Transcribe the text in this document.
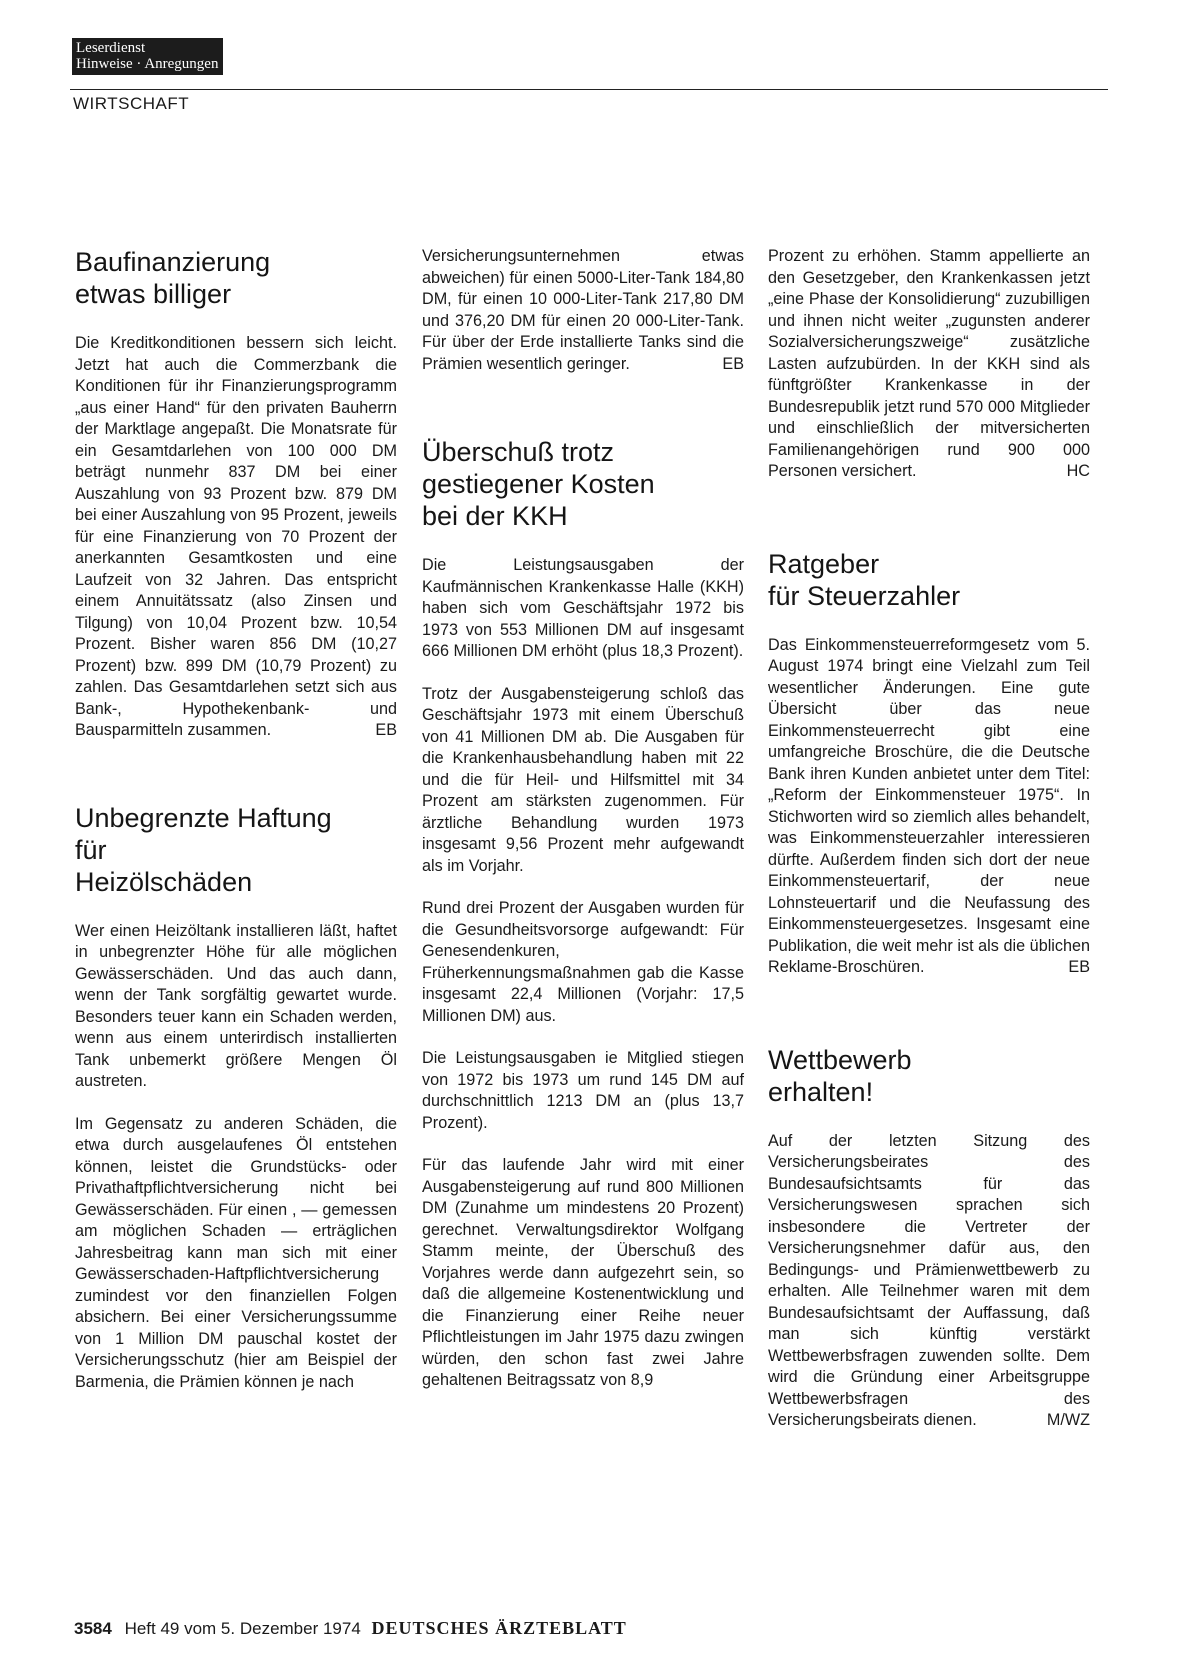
Leserdienst
Hinweise · Anregungen
WIRTSCHAFT
Baufinanzierung
etwas billiger

Die Kreditkonditionen bessern sich leicht. Jetzt hat auch die Commerzbank die Konditionen für ihr Finanzierungsprogramm „aus einer Hand“ für den privaten Bauherrn der Marktlage angepaßt. Die Monatsrate für ein Gesamtdarlehen von 100 000 DM beträgt nunmehr 837 DM bei einer Auszahlung von 93 Prozent bzw. 879 DM bei einer Auszahlung von 95 Prozent, jeweils für eine Finanzierung von 70 Prozent der anerkannten Gesamtkosten und eine Laufzeit von 32 Jahren. Das entspricht einem Annuitätssatz (also Zinsen und Tilgung) von 10,04 Prozent bzw. 10,54 Prozent. Bisher waren 856 DM (10,27 Prozent) bzw. 899 DM (10,79 Prozent) zu zahlen. Das Gesamtdarlehen setzt sich aus Bank-, Hypothekenbank- und Bausparmitteln zusammen.	EB

Unbegrenzte Haftung
für
Heizölschäden

Wer einen Heizöltank installieren läßt, haftet in unbegrenzter Höhe für alle möglichen Gewässerschäden. Und das auch dann, wenn der Tank sorgfältig gewartet wurde. Besonders teuer kann ein Schaden werden, wenn aus einem unterirdisch installierten Tank unbemerkt größere Mengen Öl austreten.

Im Gegensatz zu anderen Schäden, die etwa durch ausgelaufenes Öl entstehen können, leistet die Grundstücks- oder Privathaftpflichtversicherung nicht bei Gewässerschäden. Für einen , — gemessen am möglichen Schaden — erträglichen Jahresbeitrag kann man sich mit einer Gewässerschaden-Haftpflichtversicherung zumindest vor den finanziellen Folgen absichern. Bei einer Versicherungssumme von 1 Million DM pauschal kostet der Versicherungsschutz (hier am Beispiel der Barmenia, die Prämien können je nach

Versicherungsunternehmen etwas abweichen) für einen 5000-Liter-Tank 184,80 DM, für einen 10 000-Liter-Tank 217,80 DM und 376,20 DM für einen 20 000-Liter-Tank. Für über der Erde installierte Tanks sind die Prämien wesentlich geringer.	EB

Überschuß trotz
gestiegener Kosten
bei der KKH

Die Leistungsausgaben der Kaufmännischen Krankenkasse Halle (KKH) haben sich vom Geschäftsjahr 1972 bis 1973 von 553 Millionen DM auf insgesamt 666 Millionen DM erhöht (plus 18,3 Prozent).

Trotz der Ausgabensteigerung schloß das Geschäftsjahr 1973 mit einem Überschuß von 41 Millionen DM ab. Die Ausgaben für die Krankenhausbehandlung haben mit 22 und die für Heil- und Hilfsmittel mit 34 Prozent am stärksten zugenommen. Für ärztliche Behandlung wurden 1973 insgesamt 9,56 Prozent mehr aufgewandt als im Vorjahr.

Rund drei Prozent der Ausgaben wurden für die Gesundheitsvorsorge aufgewandt: Für Genesendenkuren, Früherkennungsmaßnahmen gab die Kasse insgesamt 22,4 Millionen (Vorjahr: 17,5 Millionen DM) aus.

Die Leistungsausgaben ie Mitglied stiegen von 1972 bis 1973 um rund 145 DM auf durchschnittlich 1213 DM an (plus 13,7 Prozent).

Für das laufende Jahr wird mit einer Ausgabensteigerung auf rund 800 Millionen DM (Zunahme um mindestens 20 Prozent) gerechnet. Verwaltungsdirektor Wolfgang Stamm meinte, der Überschuß des Vorjahres werde dann aufgezehrt sein, so daß die allgemeine Kostenentwicklung und die Finanzierung einer Reihe neuer Pflichtleistungen im Jahr 1975 dazu zwingen würden, den schon fast zwei Jahre gehaltenen Beitragssatz von 8,9

Prozent zu erhöhen. Stamm appellierte an den Gesetzgeber, den Krankenkassen jetzt „eine Phase der Konsolidierung“ zuzubilligen und ihnen nicht weiter „zugunsten anderer Sozialversicherungszweige“ zusätzliche Lasten aufzubürden. In der KKH sind als fünftgrößter Krankenkasse in der Bundesrepublik jetzt rund 570 000 Mitglieder und einschließlich der mitversicherten Familienangehörigen rund 900 000 Personen versichert.	HC

Ratgeber
für Steuerzahler

Das Einkommensteuerreformgesetz vom 5. August 1974 bringt eine Vielzahl zum Teil wesentlicher Änderungen. Eine gute Übersicht über das neue Einkommensteuerrecht gibt eine umfangreiche Broschüre, die die Deutsche Bank ihren Kunden anbietet unter dem Titel: „Reform der Einkommensteuer 1975“. In Stichworten wird so ziemlich alles behandelt, was Einkommensteuerzahler interessieren dürfte. Außerdem finden sich dort der neue Einkommensteuertarif, der neue Lohnsteuertarif und die Neufassung des Einkommensteuergesetzes. Insgesamt eine Publikation, die weit mehr ist als die üblichen Reklame-Broschüren.	EB

Wettbewerb
erhalten!

Auf der letzten Sitzung des Versicherungsbeirates des Bundesaufsichtsamts für das Versicherungswesen sprachen sich insbesondere die Vertreter der Versicherungsnehmer dafür aus, den Bedingungs- und Prämienwettbewerb zu erhalten. Alle Teilnehmer waren mit dem Bundesaufsichtsamt der Auffassung, daß man sich künftig verstärkt Wettbewerbsfragen zuwenden sollte. Dem wird die Gründung einer Arbeitsgruppe Wettbewerbsfragen des Versicherungsbeirats dienen.	M/WZ

3584 Heft 49 vom 5. Dezember 1974 DEUTSCHES ÄRZTEBLATT
